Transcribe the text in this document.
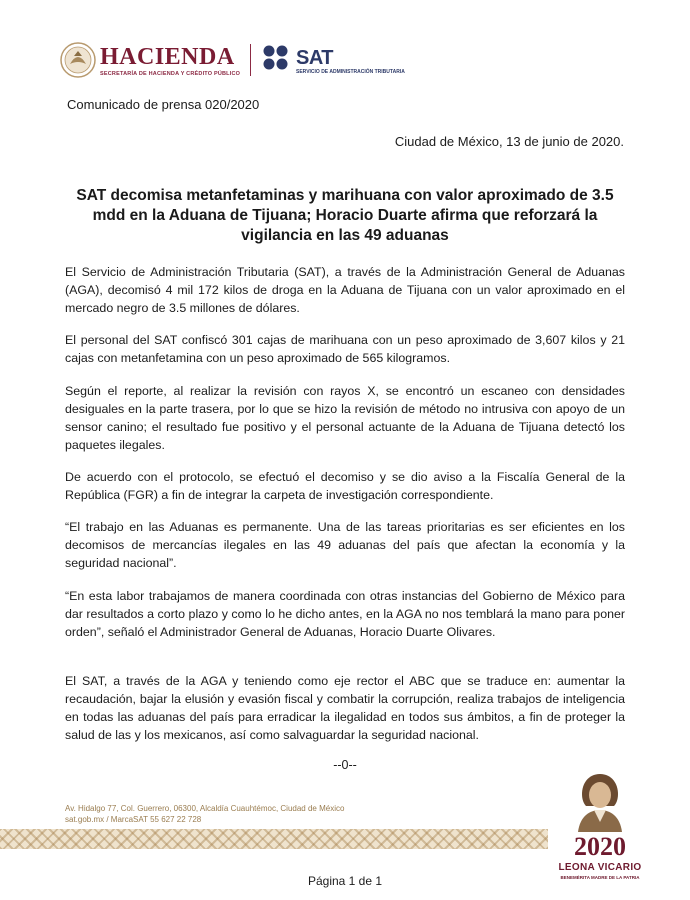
HACIENDA
SECRETARÍA DE HACIENDA Y CRÉDITO PÚBLICO
SAT
SERVICIO DE ADMINISTRACIÓN TRIBUTARIA
Comunicado de prensa 020/2020
Ciudad de México, 13 de junio de 2020.
SAT decomisa metanfetaminas y marihuana con valor aproximado de 3.5 mdd en la Aduana de Tijuana; Horacio Duarte afirma que reforzará la vigilancia en las 49 aduanas

El Servicio de Administración Tributaria (SAT), a través de la Administración General de Aduanas (AGA), decomisó 4 mil 172 kilos de droga en la Aduana de Tijuana con un valor aproximado en el mercado negro de 3.5 millones de dólares.

El personal del SAT confiscó 301 cajas de marihuana con un peso aproximado de 3,607 kilos y 21 cajas con metanfetamina con un peso aproximado de 565 kilogramos.

Según el reporte, al realizar la revisión con rayos X, se encontró un escaneo con densidades desiguales en la parte trasera, por lo que se hizo la revisión de método no intrusiva con apoyo de un sensor canino; el resultado fue positivo y el personal actuante de la Aduana de Tijuana detectó los paquetes ilegales.

De acuerdo con el protocolo, se efectuó el decomiso y se dio aviso a la Fiscalía General de la República (FGR) a fin de integrar la carpeta de investigación correspondiente.

“El trabajo en las Aduanas es permanente. Una de las tareas prioritarias es ser eficientes en los decomisos de mercancías ilegales en las 49 aduanas del país que afectan la economía y la seguridad nacional”.

“En esta labor trabajamos de manera coordinada con otras instancias del Gobierno de México para dar resultados a corto plazo y como lo he dicho antes, en la AGA no nos temblará la mano para poner orden”, señaló el Administrador General de Aduanas, Horacio Duarte Olivares.

El SAT, a través de la AGA y teniendo como eje rector el ABC que se traduce en: aumentar la recaudación, bajar la elusión y evasión fiscal y combatir la corrupción, realiza trabajos de inteligencia en todas las aduanas del país para erradicar la ilegalidad en todos sus ámbitos, a fin de proteger la salud de las y los mexicanos, así como salvaguardar la seguridad nacional.

--0--
Av. Hidalgo 77, Col. Guerrero, 06300, Alcaldía Cuauhtémoc, Ciudad de México
sat.gob.mx / MarcaSAT 55 627 22 728
2020
LEONA VICARIO
BENEMÉRITA MADRE DE LA PATRIA
Página 1 de 1
